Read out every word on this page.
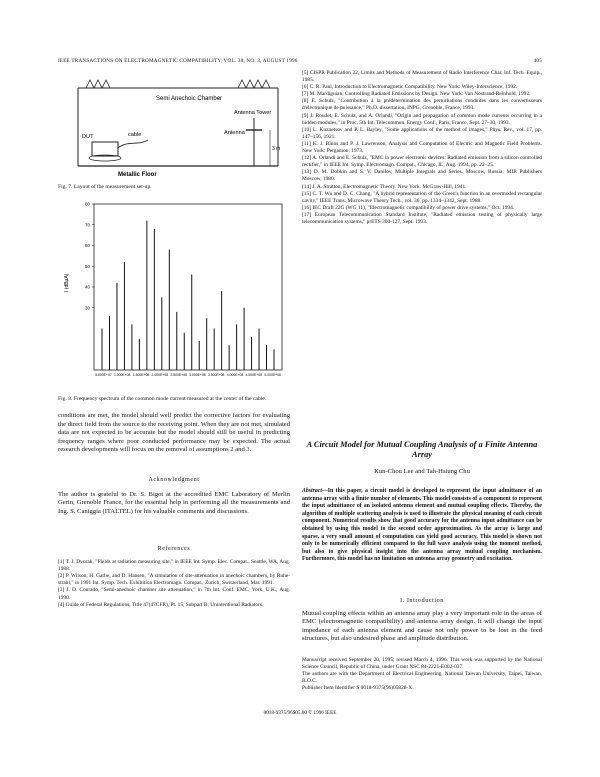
IEEE TRANSACTIONS ON ELECTROMAGNETIC COMPATIBILITY, VOL. 38, NO. 3, AUGUST 1996	405
Semi Anechoic Chamber
Antenna Tower
Antenna
3 m
DUT	cable
Metallic Floor
Fig. 7. Layout of the measurement set-up.
I (dBµA)
30
40
50
60
70
80
5.000E+07 1.000E+08 1.500E+08 2.000E+08 2.500E+08 3.000E+08 3.500E+08 4.000E+08 4.500E+08 5.000E+08
Fig. 8. Frequency spectrum of the common mode current measured at the center of the cable.
conditions are met, the model should well predict the corrective factors for evaluating the direct field from the source to the receiving point. When they are not met, simulated data are not expected to be accurate but the model should still be useful in predicting frequency ranges where poor conducted performance may be expected. The actual research developments will focus on the removal of assumptions 2 and 3.
Acknowledgment
The author is grateful to Dr. S. Bigot at the accredited EMC Laboratory of Merlin Gerin, Grenoble France, for the essential help in performing all the measurements and Ing. S. Caniggia (ITALTEL) for his valuable comments and discussions.
References
[1] T. J. Dvorak, "Fields at radiation measuring site," in IEEE Int. Symp. Elec. Compat., Seattle, WA, Aug. 1988.
[2] P. Wilson, H. Garbe, and D. Hansen, "A simulation of site-attenuation in anechoic chambers, by Ruhe-strahl," in 1991 Int. Symp. Tech. Exhibition Electromagn. Compat., Zurich, Switzerland, Mar. 1991.
[3] J. D. Conrado, "Semi-anechoic chamber site attenuation," in 7th Int. Conf. EMC, York, U.K., Aug. 1990.
[4] Guide of Federal Regulations, Title 47(47CFR), Pt. 15, Subpart B: Unintentional Radiators.
[5] CISPR Publication 22, Limits and Methods of Measurement of Radio Interference Char. Inf. Tech. Equip., 1985.
[6] C. R. Paul, Introduction to Electromagnetic Compatibility. New York: Wiley-Interscience, 1992.
[7] M. Mardiguian, Controlling Radiated Emissions by Design. New York: Van Nostrand-Reinhold, 1992.
[8] E. Schulz, "Contribution à la prédétermination des perturbations conduites dans les convertisseurs d'électronique de puissance," Ph.D. dissertation, INPG, Grenoble, France, 1993.
[9] J. Roudet, E. Schulz, and A. Orlandi, "Origin and propagation of common mode currents occurring in a hidden modules," in Proc. 5th Int. Telecommun. Energy Conf., Paris, France, Sept. 27–30, 1993.
[10] L. Kuznetsov and P. L. Bayley, "Some applications of the method of images," Phys. Rev., vol. 17, pp. 147–156, 1921.
[11] K. J. Binns and P. J. Lawrenson, Analysis and Computation of Electric and Magnetic Field Problems. New York: Pergamon, 1973.
[12] A. Orlandi and E. Schulz, "EMC in power electronic devices: Radiated emission from a silicon controlled rectifier," in IEEE Int. Symp. Electromagn. Compat., Chicago, IL, Aug. 1994, pp. 22–25.
[13] D. M. Dobkin and S. V. Danilov, Multiple Integrals and Series. Moscow, Russia: MIR Publishers Moscow, 1980.
[14] J. A. Stratton, Electromagnetic Theory. New York: McGraw-Hill, 1941.
[15] C. T. Wu and D. C. Chang, "A hybrid representation of the Green's function in an overmoded rectangular cavity," IEEE Trans. Microwave Theory Tech., vol. 36, pp. 1334–1342, Sept. 1988.
[16] IEC Draft 22G (WG 11), "Electromagnetic compatibility of power drive systems," Oct. 1994.
[17] European Telecommunication Standard Institute, "Radiated emission testing of physically large telecommunication systems," prETS 300-127, Sept. 1993.
A Circuit Model for Mutual Coupling Analysis of a Finite Antenna Array
Kun-Chou Lee and Tah-Hsiung Chu
Abstract—In this paper, a circuit model is developed to represent the input admittance of an antenna array with a finite number of elements. This model consists of a component to represent the input admittance of an isolated antenna element and mutual coupling effects. Thereby, the algorithm of multiple scattering analysis is used to illustrate the physical meaning of each circuit component. Numerical results show that good accuracy for the antenna input admittance can be obtained by using this model to the second order approximation. As the array is large and sparse, a very small amount of computation can yield good accuracy. This model is shown not only to be numerically efficient compared to the full wave analysis using the moment method, but also to give physical insight into the antenna array mutual coupling mechanism. Furthermore, this model has no limitation on antenna array geometry and excitation.
I. Introduction
Mutual coupling effects within an antenna array play a very important role in the areas of EMC (electromagnetic compatibility) and antenna array design. It will change the input impedance of each antenna element and cause not only power to be lost in the feed structures, but also undesired phase and amplitude distribution.
Manuscript received September 20, 1995; revised March 4, 1996. This work was supported by the National Science Council, Republic of China, under Grant NSC 84-2221-E002-037.
The authors are with the Department of Electrical Engineering, National Taiwan University, Taipei, Taiwan, R.O.C.
Publisher Item Identifier S 0018-9375(96)05828-X.
0018-9375/96$05.00 © 1996 IEEE
